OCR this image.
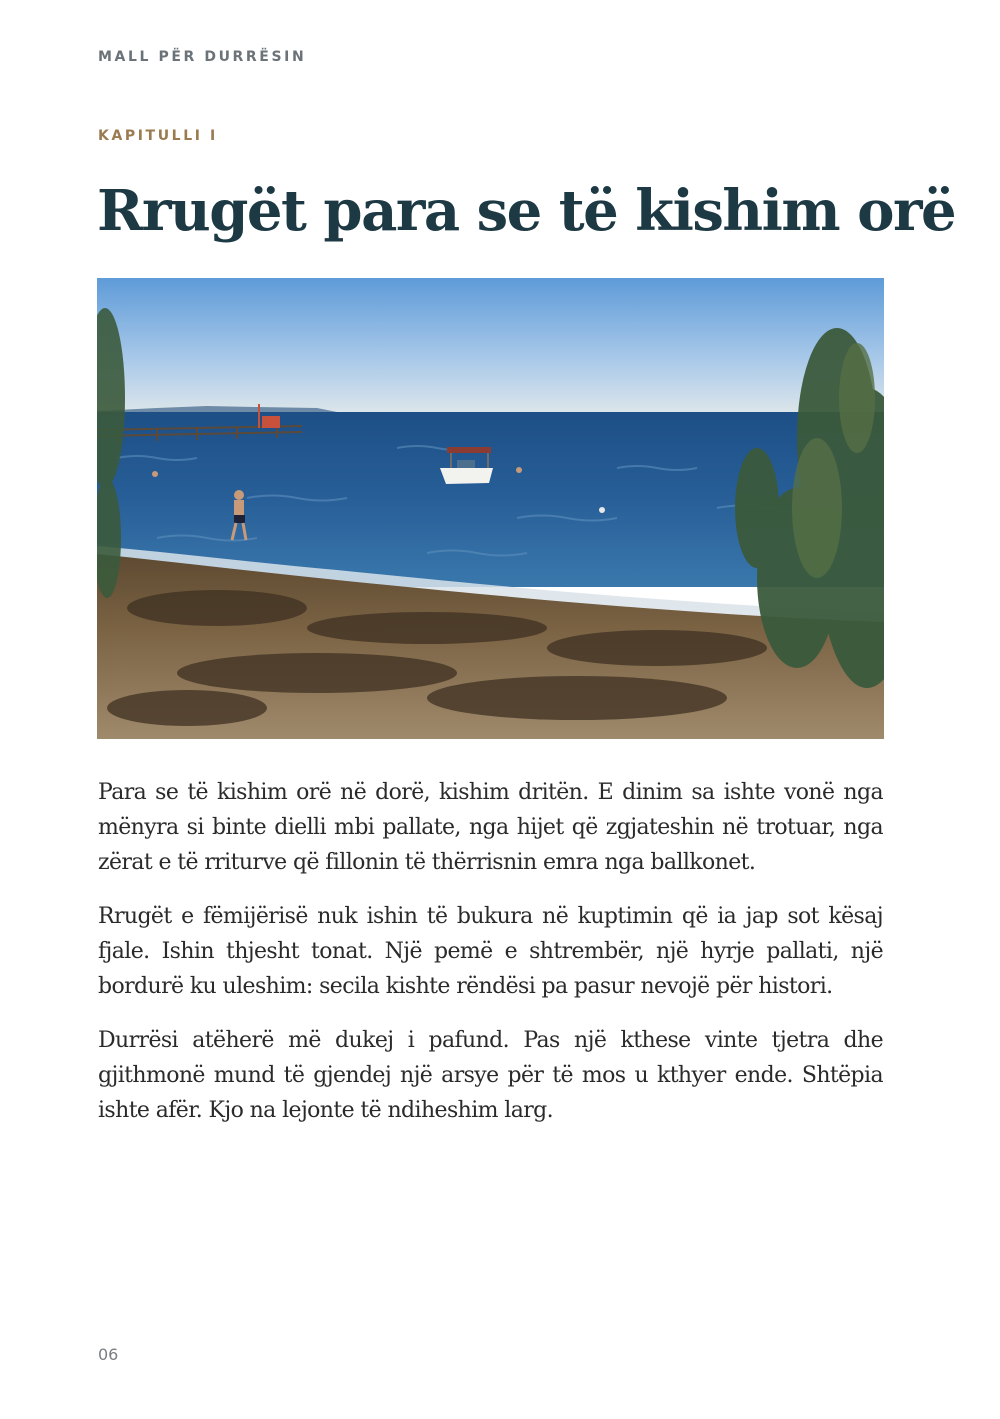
MALL PËR DURRËSIN
KAPITULLI I
Rrugët para se të kishim orë

Para se të kishim orë në dorë, kishim dritën. E dinim sa ishte vonë nga mënyra si binte dielli mbi pallate, nga hijet që zgjateshin në trotuar, nga zërat e të rriturve që fillonin të thërrisnin emra nga ballkonet.

Rrugët e fëmijërisë nuk ishin të bukura në kuptimin që ia jap sot kësaj fjale. Ishin thjesht tonat. Një pemë e shtrembër, një hyrje pallati, një bordurë ku uleshim: secila kishte rëndësi pa pasur nevojë për histori.

Durrësi atëherë më dukej i pafund. Pas një kthese vinte tjetra dhe gjithmonë mund të gjendej një arsye për të mos u kthyer ende. Shtëpia ishte afër. Kjo na lejonte të ndiheshim larg.

06
